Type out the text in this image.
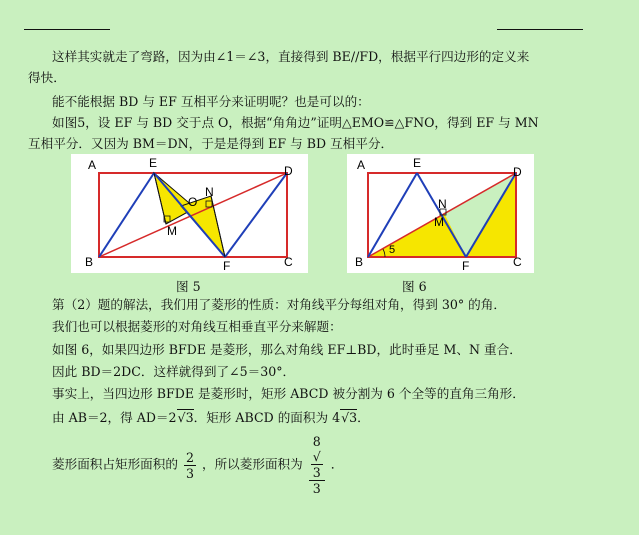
这样其实就走了弯路，因为由∠1＝∠3，直接得到 BE//FD，根据平行四边形的定义来
得快．
能不能根据 BD 与 EF 互相平分来证明呢？也是可以的：
如图5，设 EF 与 BD 交于点 O，根据“角角边”证明△EMO≌△FNO，得到 EF 与 MN
互相平分．又因为 BM＝DN，于是是得到 EF 与 BD 互相平分．
A	E
D
B	F	C
O
N
M
图 5
A	E
D
B	F	C
N
M
5
图 6
第（2）题的解法，我们用了菱形的性质：对角线平分每组对角，得到 30° 的角．
我们也可以根据菱形的对角线互相垂直平分来解题：
如图 6，如果四边形 BFDE 是菱形，那么对角线 EF⊥BD，此时垂足 M、N 重合．
因此 BD＝2DC．这样就得到了∠5＝30°．
事实上，当四边形 BFDE 是菱形时，矩形 ABCD 被分割为 6 个全等的直角三角形．
由 AB＝2，得 AD＝2√3．矩形 ABCD 的面积为 4√3．
菱形面积占矩形面积的 $\frac{2}{3}$ ，所以菱形面积为 8
√
3
3 ．
